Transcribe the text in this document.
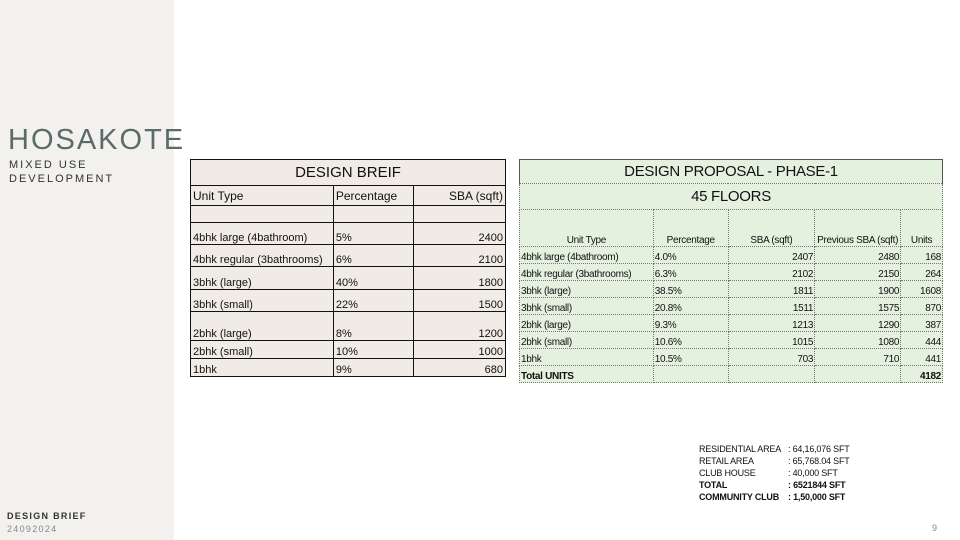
HOSAKOTE
MIXED USE
DEVELOPMENT
DESIGN BRIEF
24092024
DESIGN BREIF		
Unit Type	Percentage	SBA (sqft)

4bhk large (4bathroom)	5%	2400
4bhk regular (3bathrooms)	6%	2100
3bhk (large)	40%	1800
3bhk (small)	22%	1500
2bhk (large)	8%	1200
2bhk (small)	10%	1000
1bhk	9%	680
DESIGN PROPOSAL - PHASE-1				
45 FLOORS				
Unit Type	Percentage	SBA (sqft)	Previous SBA (sqft)	Units
4bhk large (4bathroom)	4.0%	2407	2480	168
4bhk regular (3bathrooms)	6.3%	2102	2150	264
3bhk (large)	38.5%	1811	1900	1608
3bhk (small)	20.8%	1511	1575	870
2bhk (large)	9.3%	1213	1290	387
2bhk (small)	10.6%	1015	1080	444
1bhk	10.5%	703	710	441
Total UNITS				4182
RESIDENTIAL AREA : 64,16,076 SFT
RETAIL AREA	: 65,768.04 SFT
CLUB HOUSE	: 40,000 SFT
TOTAL	: 6521844 SFT
COMMUNITY CLUB : 1,50,000 SFT
9
